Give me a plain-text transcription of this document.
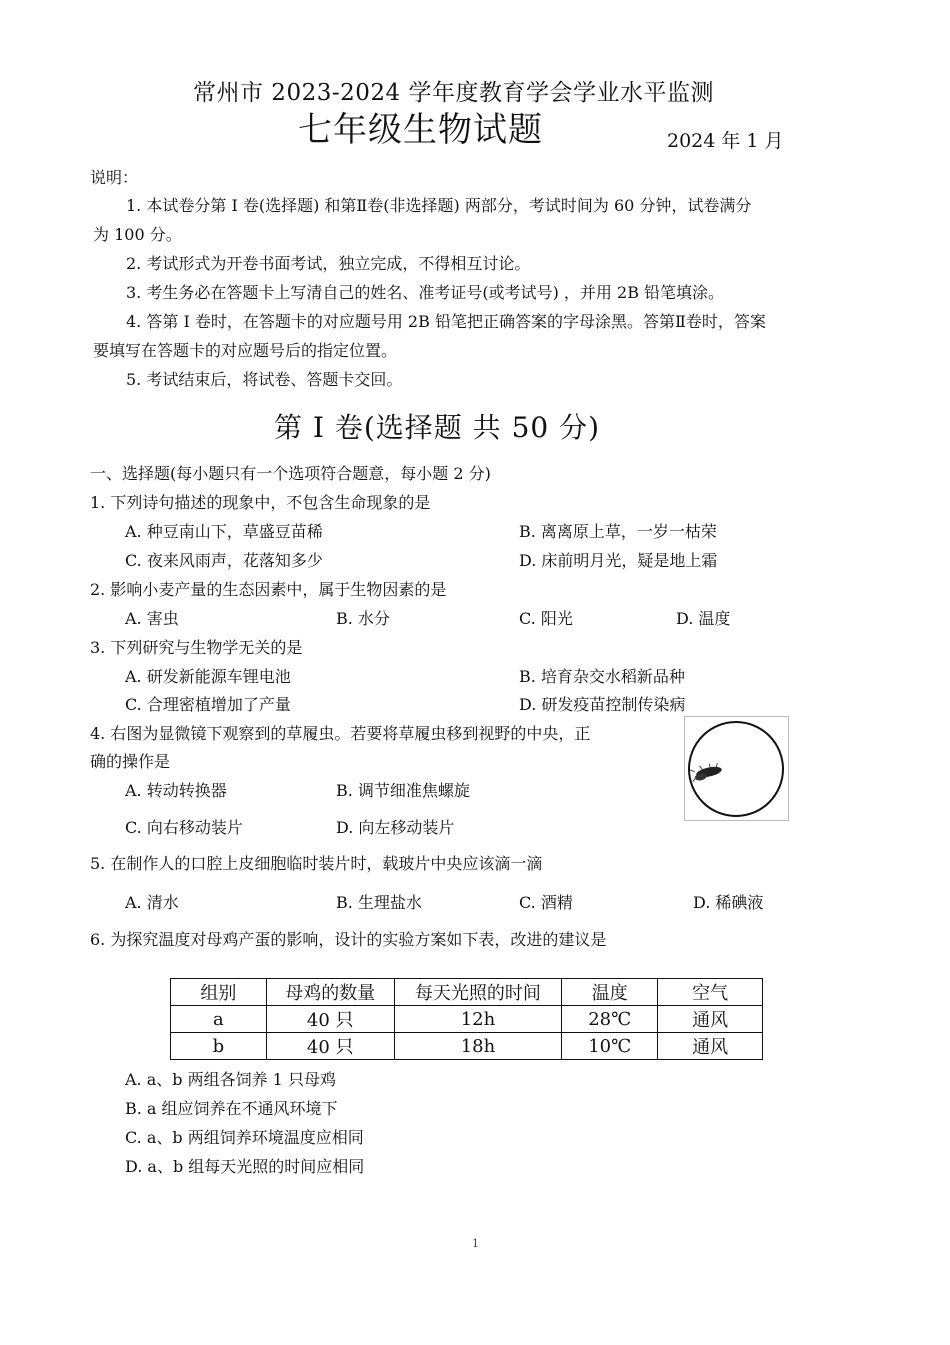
常州市 2023-2024 学年度教育学会学业水平监测
七年级生物试题	2024 年 1 月
说明：
1. 本试卷分第 I 卷(选择题) 和第Ⅱ卷(非选择题) 两部分，考试时间为 60 分钟，试卷满分
为 100 分。
2. 考试形式为开卷书面考试，独立完成，不得相互讨论。
3. 考生务必在答题卡上写清自己的姓名、准考证号(或考试号) ，并用 2B 铅笔填涂。
4. 答第 I 卷时，在答题卡的对应题号用 2B 铅笔把正确答案的字母涂黑。答第Ⅱ卷时，答案
要填写在答题卡的对应题号后的指定位置。
5. 考试结束后，将试卷、答题卡交回。
第 I 卷(选择题 共 50 分)
一、选择题(每小题只有一个选项符合题意，每小题 2 分)
1. 下列诗句描述的现象中，不包含生命现象的是
A. 种豆南山下，草盛豆苗稀	B. 离离原上草，一岁一枯荣
C. 夜来风雨声，花落知多少	D. 床前明月光，疑是地上霜
2. 影响小麦产量的生态因素中，属于生物因素的是
A. 害虫	B. 水分	C. 阳光	D. 温度
3. 下列研究与生物学无关的是
A. 研发新能源车锂电池	B. 培育杂交水稻新品种
C. 合理密植增加了产量	D. 研发疫苗控制传染病
4. 右图为显微镜下观察到的草履虫。若要将草履虫移到视野的中央，正
确的操作是
A. 转动转换器	B. 调节细准焦螺旋
C. 向右移动装片	D. 向左移动装片
5. 在制作人的口腔上皮细胞临时装片时，载玻片中央应该滴一滴
A. 清水	B. 生理盐水	C. 酒精	D. 稀碘液
6. 为探究温度对母鸡产蛋的影响，设计的实验方案如下表，改进的建议是
组别	母鸡的数量	每天光照的时间	温度	空气
a	40 只	12h	28℃	通风
b	40 只	18h	10℃	通风
A. a、b 两组各饲养 1 只母鸡
B. a 组应饲养在不通风环境下
C. a、b 两组饲养环境温度应相同
D. a、b 组每天光照的时间应相同
1
